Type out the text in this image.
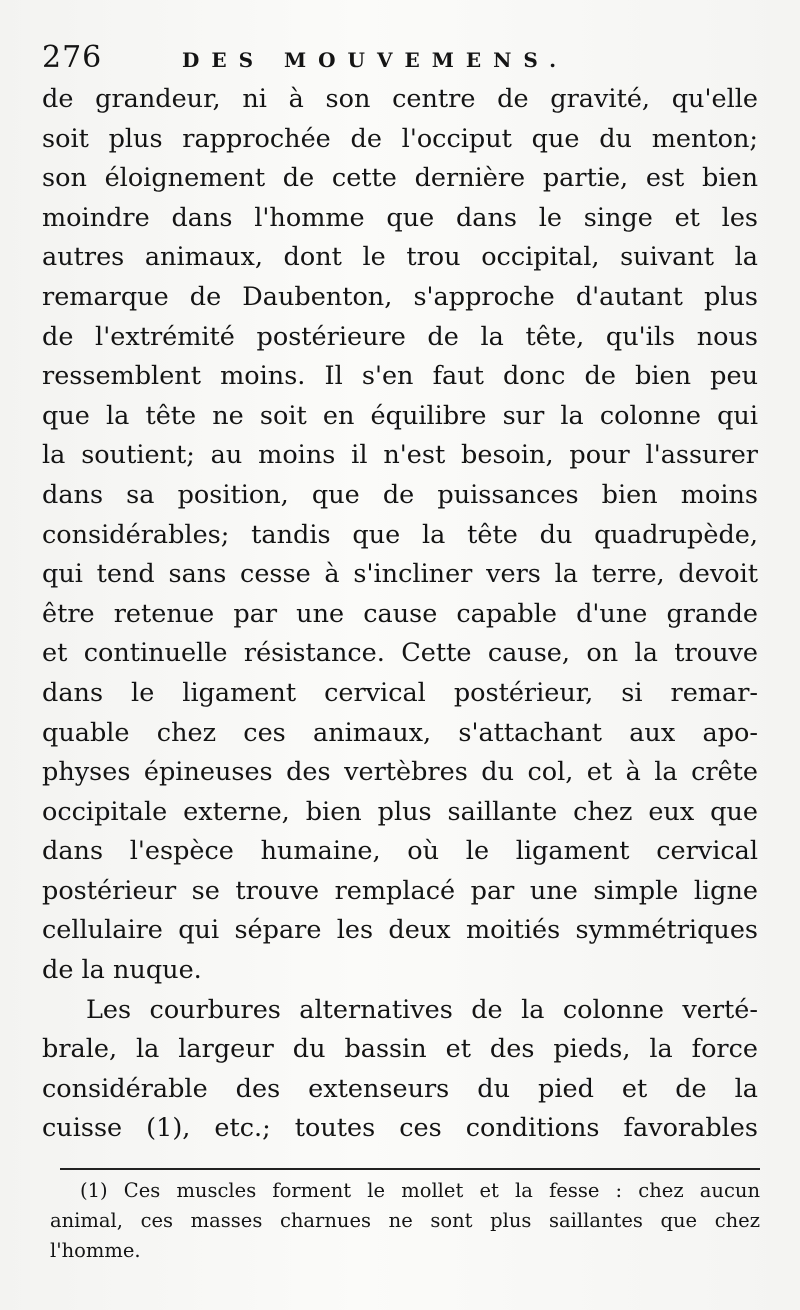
276	DES MOUVEMENS.
de grandeur, ni à son centre de gravité, qu'elle
soit plus rapprochée de l'occiput que du menton;
son éloignement de cette dernière partie, est bien
moindre dans l'homme que dans le singe et les
autres animaux, dont le trou occipital, suivant la
remarque de Daubenton, s'approche d'autant plus
de l'extrémité postérieure de la tête, qu'ils nous
ressemblent moins. Il s'en faut donc de bien peu
que la tête ne soit en équilibre sur la colonne qui
la soutient; au moins il n'est besoin, pour l'assurer
dans sa position, que de puissances bien moins
considérables; tandis que la tête du quadrupède,
qui tend sans cesse à s'incliner vers la terre, devoit
être retenue par une cause capable d'une grande
et continuelle résistance. Cette cause, on la trouve
dans le ligament cervical postérieur, si remar-
quable chez ces animaux, s'attachant aux apo-
physes épineuses des vertèbres du col, et à la crête
occipitale externe, bien plus saillante chez eux que
dans l'espèce humaine, où le ligament cervical
postérieur se trouve remplacé par une simple ligne
cellulaire qui sépare les deux moitiés symmétriques
de la nuque.
Les courbures alternatives de la colonne verté-
brale, la largeur du bassin et des pieds, la force
considérable des extenseurs du pied et de la
cuisse (1), etc.; toutes ces conditions favorables
(1) Ces muscles forment le mollet et la fesse : chez aucun
animal, ces masses charnues ne sont plus saillantes que chez
l'homme.
